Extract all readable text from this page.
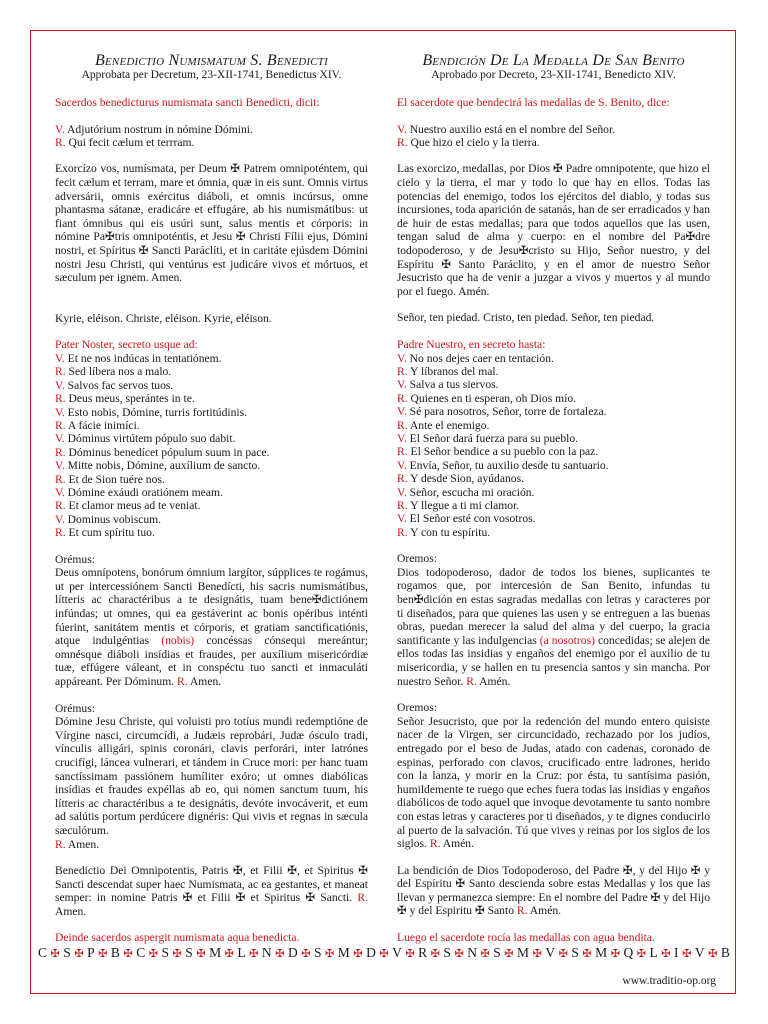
Benedictio Numismatum S. Benedicti
Approbata per Decretum, 23-XII-1741, Benedictus XIV.

Sacerdos benedicturus numismata sancti Benedicti, dicit:

V. Adjutórium nostrum in nómine Dómini.
R. Qui fecit cælum et terrram.

Exorcízo vos, numísmata, per Deum ✠ Patrem omnipoténtem, qui fecit cælum et terram, mare et ómnia, quæ in eis sunt. Omnis virtus adversárii, omnis exércitus diáboli, et omnis incúrsus, omne phantasma sátanæ, eradicáre et effugáre, ab his numismátibus: ut fiant ómnibus qui eis usúri sunt, salus mentis et córporis: in nómine Pa✠tris omnipoténtis, et Jesu ✠ Christi Fílii ejus, Dómini nostri, et Spíritus ✠ Sancti Paráclíti, et in caritáte ejúsdem Dómini nostri Jesu Christi, qui ventúrus est judicáre vivos et mórtuos, et sæculum per ignem. Amen.

Kyrie, eléison. Christe, eléison. Kyrie, eléison.

Pater Noster, secreto usque ad:
V. Et ne nos indúcas in tentatiónem.
R. Sed líbera nos a malo.
V. Salvos fac servos tuos.
R. Deus meus, sperántes in te.
V. Esto nobis, Dómine, turris fortitúdinis.
R. A fácie inimíci.
V. Dóminus virtútem pópulo suo dabit.
R. Dóminus benedícet pópulum suum in pace.
V. Mitte nobis, Dómine, auxílium de sancto.
R. Et de Sion tuére nos.
V. Dómine exáudi oratiónem meam.
R. Et clamor meus ad te veniat.
V. Dominus vobiscum.
R. Et cum spíritu tuo.
Orémus:

Deus omnípotens, bonórum ómnium largítor, súpplices te rogámus, ut per intercessiónem Sancti Benedícti, his sacris numismátibus, lítteris ac charactéribus a te designátis, tuam bene✠dictiónem infúndas; ut omnes, qui ea gestáverint ac bonis opéribus inténti fúerint, sanitátem mentis et córporis, et gratiam sanctificatiónis, atque indulgéntias (nobis) concéssas cónsequi mereántur; omnésque diáboli insídias et fraudes, per auxílium misericórdiæ tuæ, effúgere váleant, et in conspéctu tuo sancti et inmaculáti appáreant. Per Dóminum. R. Amen.

Orémus:
Dómine Jesu Christe, qui voluisti pro totíus mundi redemptióne de Vírgine nasci, circumcídi, a Judæis reprobári, Judæ ósculo tradi, vínculis alligári, spinis coronári, clavis perforári, inter latrónes crucifígi, láncea vulnerari, et tándem in Cruce mori: per hanc tuam sanctíssimam passiónem humíliter exóro; ut omnes diabólicas insídias et fraudes expéllas ab eo, qui nomen sanctum tuum, his lítteris ac charactéribus a te designátis, devóte invocáverit, et eum ad salútis portum perdúcere dignéris: Qui vivis et regnas in sæcula sæculórum.

R. Amen.

Benedictio Dei Omnipotentis, Patris ✠, et Filii ✠, et Spiritus ✠ Sancti descendat super haec Numismata, ac ea gestantes, et maneat semper: in nomine Patris ✠ et Filii ✠ et Spiritus ✠ Sancti. R. Amen.

Deinde sacerdos aspergit numismata aqua benedicta.

Bendición De La Medalla De San Benito
Aprobado por Decreto, 23-XII-1741, Benedicto XIV.

El sacerdote que bendecirá las medallas de S. Benito, dice:

V. Nuestro auxilio está en el nombre del Señor.
R. Que hizo el cielo y la tierra.

Las exorcizo, medallas, por Dios ✠ Padre omnipotente, que hizo el cielo y la tierra, el mar y todo lo que hay en ellos. Todas las potencias del enemigo, todos los ejércitos del diablo, y todas sus incursiones, toda aparición de satanás, han de ser erradicados y han de huir de estas medallas; para que todos aquellos que las usen, tengan salud de alma y cuerpo: en el nombre del Pa✠dre todopoderoso, y de Jesu✠cristo su Hijo, Señor nuestro, y del Espíritu ✠ Santo Paráclito, y en el amor de nuestro Señor Jesucristo que ha de venir a juzgar a vivos y muertos y al mundo por el fuego. Amén.

Señor, ten piedad. Cristo, ten piedad. Señor, ten piedad.

Padre Nuestro, en secreto hasta:
V. No nos dejes caer en tentación.
R. Y líbranos del mal.
V. Salva a tus siervos.
R. Quienes en ti esperan, oh Dios mío.
V. Sé para nosotros, Señor, torre de fortaleza.
R. Ante el enemigo.
V. El Señor dará fuerza para su pueblo.
R. El Señor bendice a su pueblo con la paz.
V. Envía, Señor, tu auxilio desde tu santuario.
R. Y desde Sion, ayúdanos.
V. Señor, escucha mi oración.
R. Y llegue a ti mi clamor.
V. El Señor esté con vosotros.
R. Y con tu espíritu.
Oremos:

Dios todopoderoso, dador de todos los bienes, suplicantes te rogamos que, por intercesión de San Benito, infundas tu ben✠dición en estas sagradas medallas con letras y caracteres por ti diseñados, para que quienes las usen y se entreguen a las buenas obras, puedan merecer la salud del alma y del cuerpo, la gracia santificante y las indulgencias (a nosotros) concedidas; se alejen de ellos todas las insidias y engaños del enemigo por el auxilio de tu misericordia, y se hallen en tu presencia santos y sin mancha. Por nuestro Señor. R. Amén.

Oremos:

Señor Jesucristo, que por la redención del mundo entero quisiste nacer de la Virgen, ser circuncidado, rechazado por los judíos, entregado por el beso de Judas, atado con cadenas, coronado de espinas, perforado con clavos, crucificado entre ladrones, herido con la lanza, y morir en la Cruz: por ésta, tu santísima pasión, humildemente te ruego que eches fuera todas las insidias y engaños diabólicos de todo aquel que invoque devotamente tu santo nombre con estas letras y caracteres por ti diseñados, y te dignes conducirlo al puerto de la salvación. Tú que vives y reinas por los siglos de los siglos. R. Amén.

La bendición de Dios Todopoderoso, del Padre ✠, y del Hijo ✠ y del Espíritu ✠ Santo descienda sobre estas Medallas y los que las llevan y permanezca siempre: En el nombre del Padre ✠ y del Hijo ✠ y del Espiritu ✠ Santo R. Amén.

Luego el sacerdote rocía las medallas con agua bendita.

C ✠ S ✠ P ✠ B ✠ C ✠ S ✠ S ✠ M ✠ L ✠ N ✠ D ✠ S ✠ M ✠ D ✠ V ✠ R ✠ S ✠ N ✠ S ✠ M ✠ V ✠ S ✠ M ✠ Q ✠ L ✠ I ✠ V ✠ B
www.traditio-op.org
